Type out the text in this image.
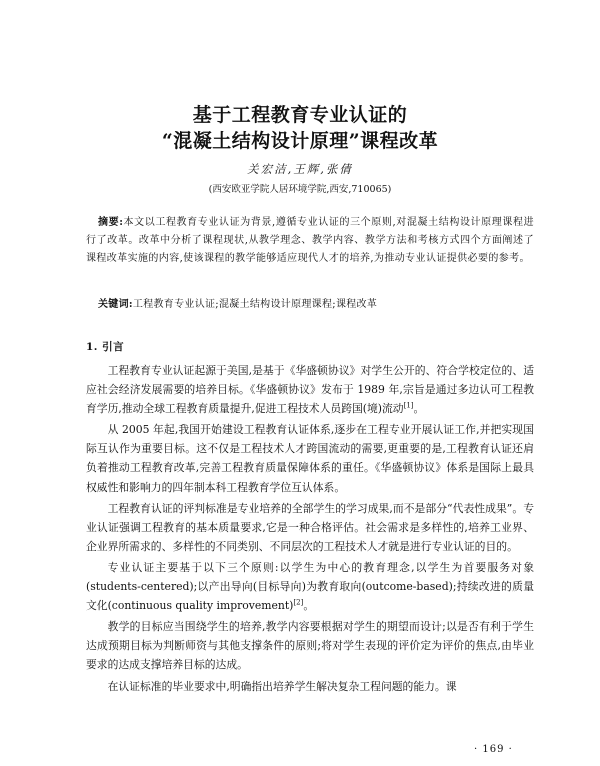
基于工程教育专业认证的
“混凝土结构设计原理”课程改革
关宏洁,王辉,张倩
(西安欧亚学院人居环境学院,西安,710065)

摘要:本文以工程教育专业认证为背景,遵循专业认证的三个原则,对混凝土结构设计原理课程进行了改革。改革中分析了课程现状,从教学理念、教学内容、教学方法和考核方式四个方面阐述了课程改革实施的内容,使该课程的教学能够适应现代人才的培养,为推动专业认证提供必要的参考。

关键词:工程教育专业认证;混凝土结构设计原理课程;课程改革
1. 引言

工程教育专业认证起源于美国,是基于《华盛顿协议》对学生公开的、符合学校定位的、适应社会经济发展需要的培养目标。《华盛顿协议》发布于 1989 年,宗旨是通过多边认可工程教育学历,推动全球工程教育质量提升,促进工程技术人员跨国(境)流动[1]。

从 2005 年起,我国开始建设工程教育认证体系,逐步在工程专业开展认证工作,并把实现国际互认作为重要目标。这不仅是工程技术人才跨国流动的需要,更重要的是,工程教育认证还肩负着推动工程教育改革,完善工程教育质量保障体系的重任。《华盛顿协议》体系是国际上最具权威性和影响力的四年制本科工程教育学位互认体系。

工程教育认证的评判标准是专业培养的全部学生的学习成果,而不是部分“代表性成果”。专业认证强调工程教育的基本质量要求,它是一种合格评估。社会需求是多样性的,培养工业界、企业界所需求的、多样性的不同类别、不同层次的工程技术人才就是进行专业认证的目的。

专业认证主要基于以下三个原则:以学生为中心的教育理念,以学生为首要服务对象(students-centered);以产出导向(目标导向)为教育取向(outcome-based);持续改进的质量文化(continuous quality improvement)[2]。

教学的目标应当围绕学生的培养,教学内容要根据对学生的期望而设计;以是否有利于学生达成预期目标为判断师资与其他支撑条件的原则;将对学生表现的评价定为评价的焦点,由毕业要求的达成支撑培养目标的达成。

在认证标准的毕业要求中,明确指出培养学生解决复杂工程问题的能力。课

· 169 ·
